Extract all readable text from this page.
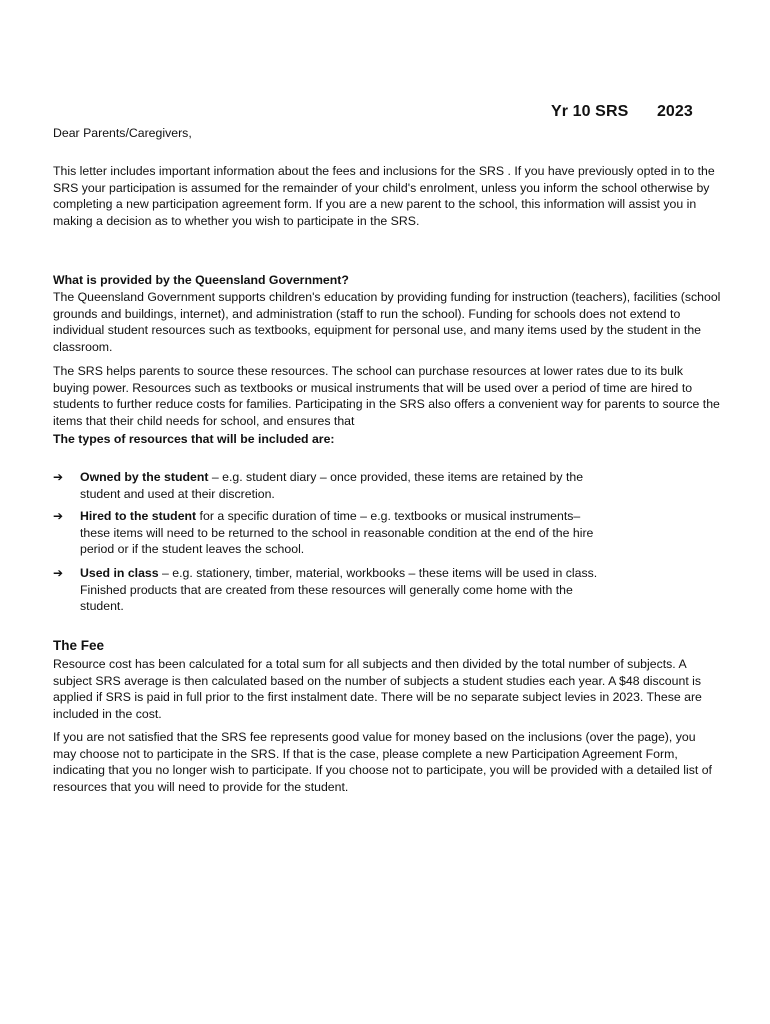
Yr 10 SRS 2023

Dear Parents/Caregivers,

This letter includes important information about the fees and inclusions for the SRS . If you have previously opted in to the SRS your participation is assumed for the remainder of your child's enrolment, unless you inform the school otherwise by completing a new participation agreement form. If you are a new parent to the school, this information will assist you in making a decision as to whether you wish to participate in the SRS.

What is provided by the Queensland Government?

The Queensland Government supports children's education by providing funding for instruction (teachers), facilities (school grounds and buildings, internet), and administration (staff to run the school). Funding for schools does not extend to individual student resources such as textbooks, equipment for personal use, and many items used by the student in the classroom.

The SRS helps parents to source these resources. The school can purchase resources at lower rates due to its bulk buying power. Resources such as textbooks or musical instruments that will be used over a period of time are hired to students to further reduce costs for families. Participating in the SRS also offers a convenient way for parents to source the items that their child needs for school, and ensures that

The types of resources that will be included are:

➔ Owned by the student – e.g. student diary – once provided, these items are retained by the student and used at their discretion.
➔ Hired to the student for a specific duration of time – e.g. textbooks or musical instruments–these items will need to be returned to the school in reasonable condition at the end of the hire period or if the student leaves the school.
➔ Used in class – e.g. stationery, timber, material, workbooks – these items will be used in class. Finished products that are created from these resources will generally come home with the student.

The Fee

Resource cost has been calculated for a total sum for all subjects and then divided by the total number of subjects. A subject SRS average is then calculated based on the number of subjects a student studies each year. A $48 discount is applied if SRS is paid in full prior to the first instalment date. There will be no separate subject levies in 2023. These are included in the cost.

If you are not satisfied that the SRS fee represents good value for money based on the inclusions (over the page), you may choose not to participate in the SRS. If that is the case, please complete a new Participation Agreement Form, indicating that you no longer wish to participate. If you choose not to participate, you will be provided with a detailed list of resources that you will need to provide for the student.
